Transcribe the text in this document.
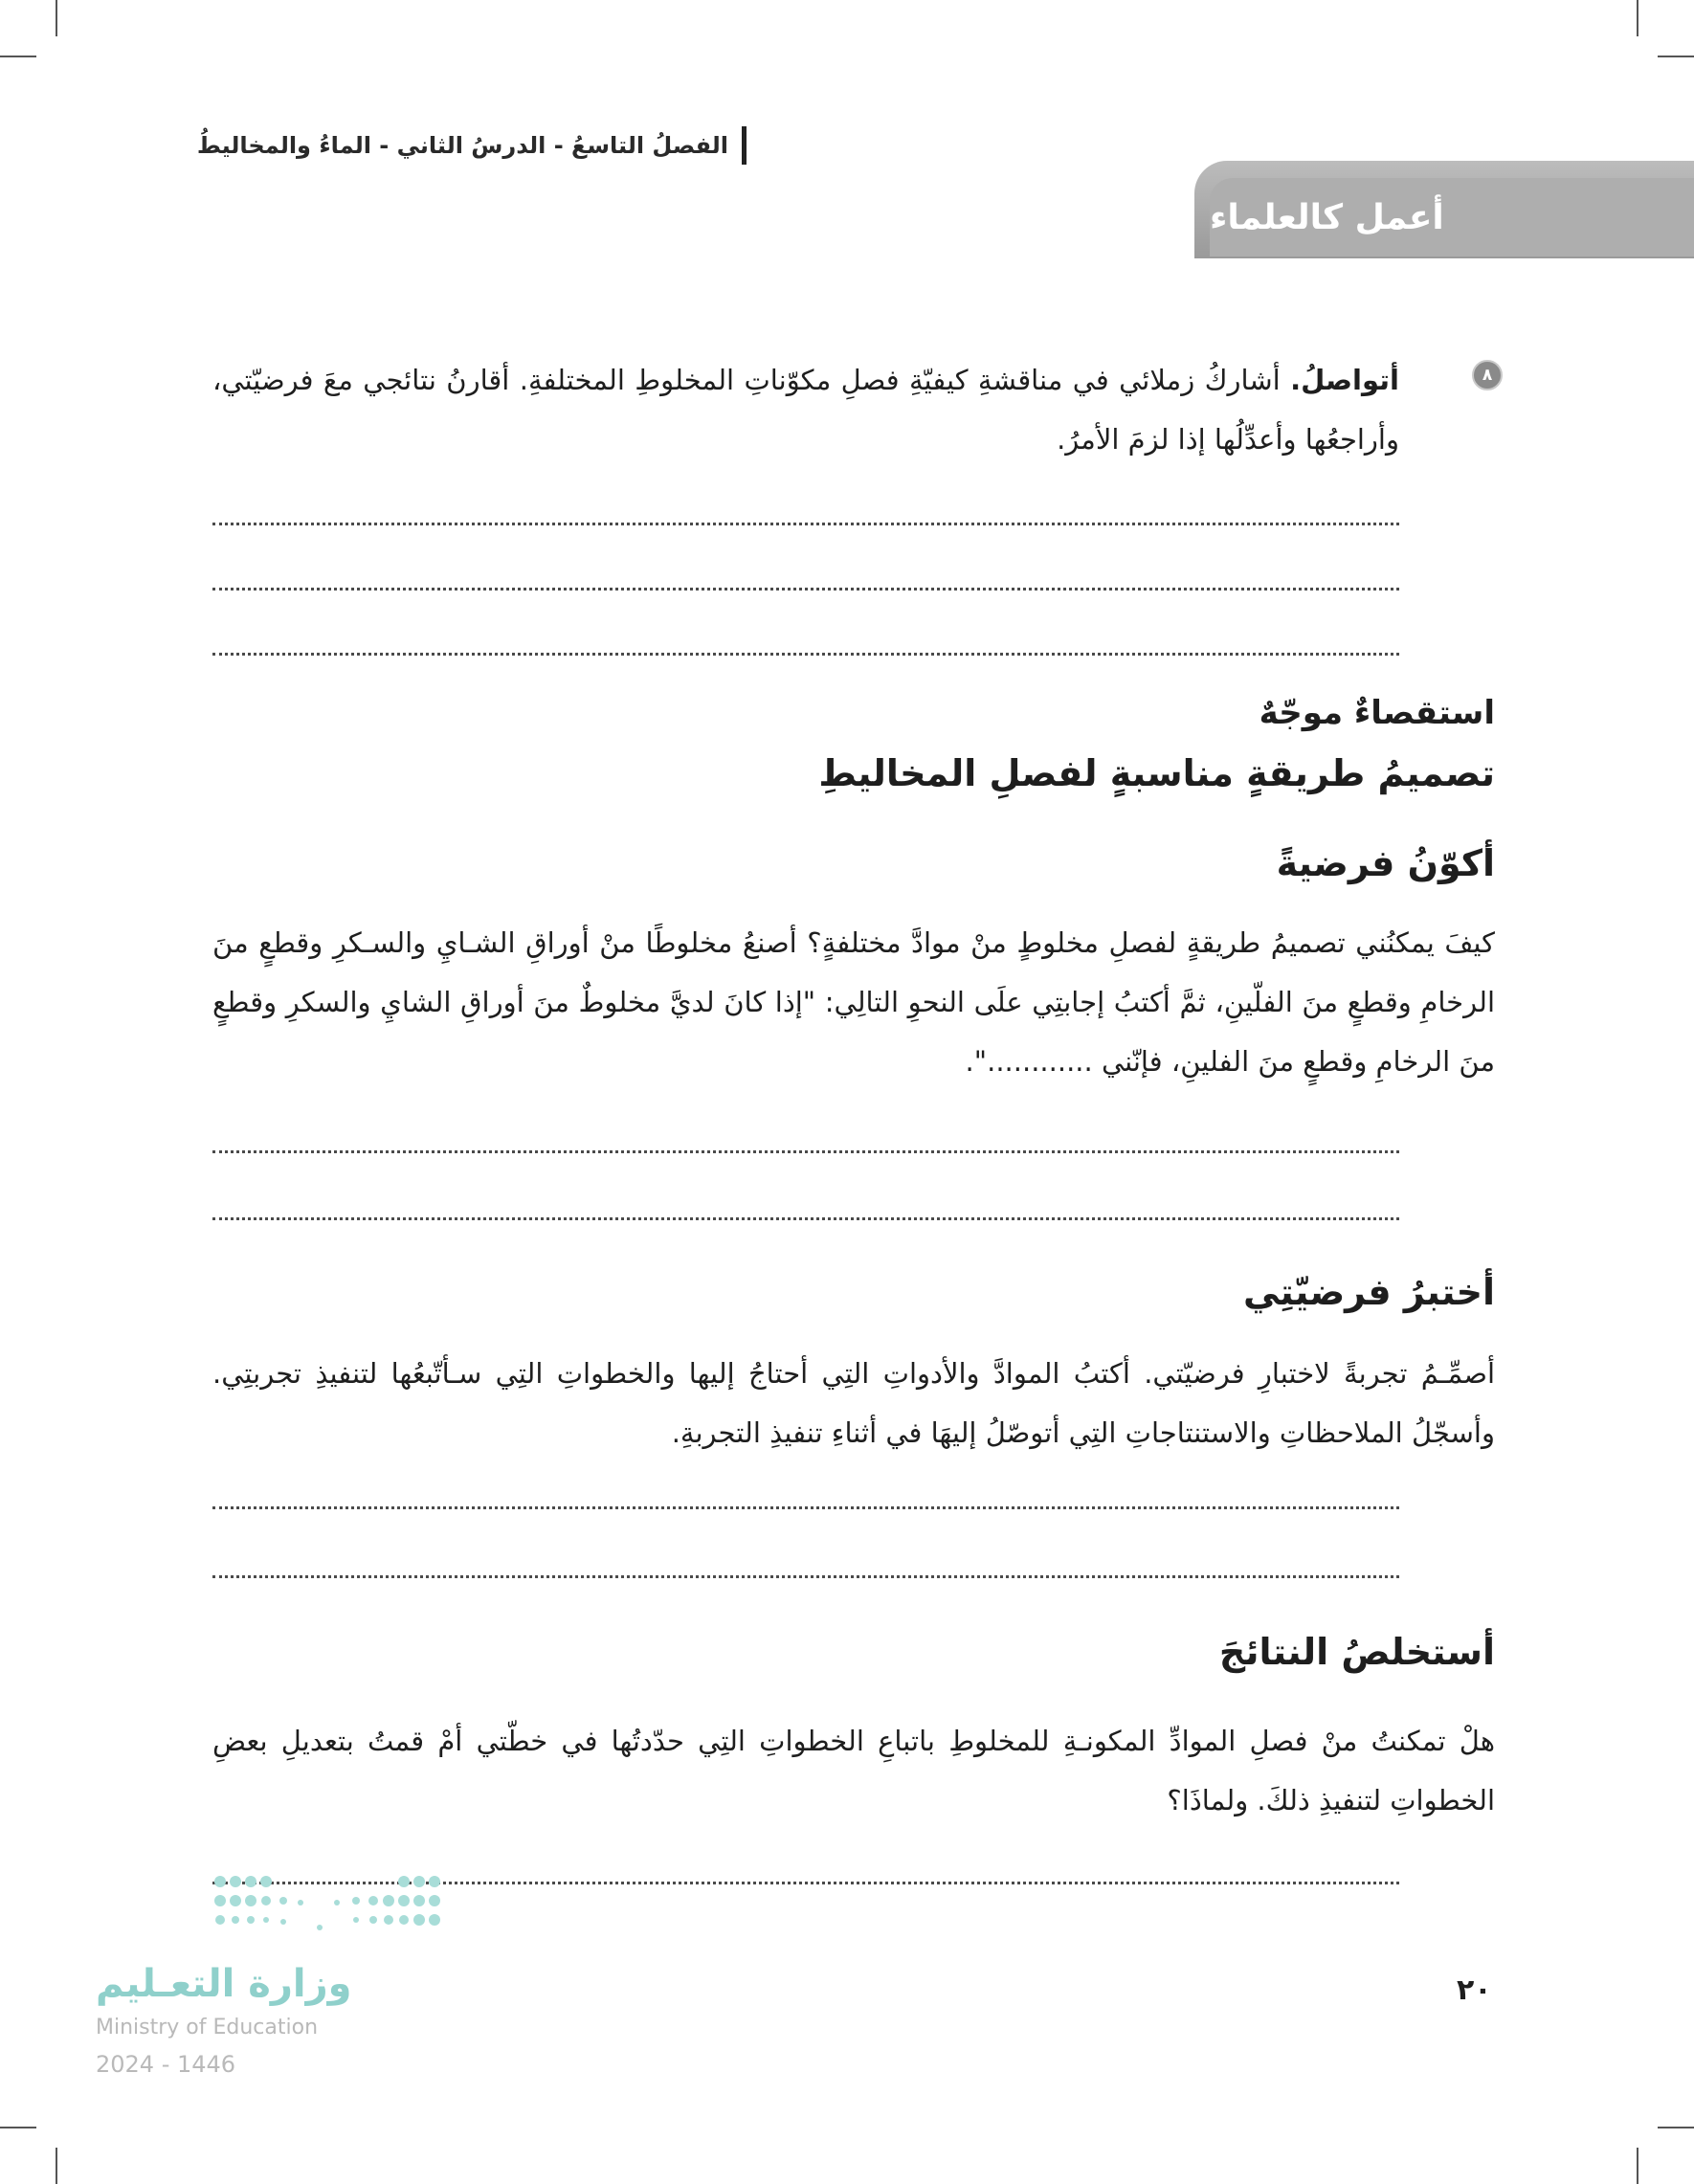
الفصلُ التاسعُ - الدرسُ الثاني - الماءُ والمخاليطُ
أعمل كالعلماء
٨
أتواصلُ. أشاركُ زملائي في مناقشةِ كيفيّةِ فصلِ مكوّناتِ المخلوطِ المختلفةِ. أقارنُ نتائجي معَ فرضيّتي، وأراجعُها وأعدِّلُها إذا لزمَ الأمرُ.
استقصاءٌ موجّهٌ
تصميمُ طريقةٍ مناسبةٍ لفصلِ المخاليطِ
أكوّنُ فرضيةً
كيفَ يمكنُني تصميمُ طريقةٍ لفصلِ مخلوطٍ منْ موادَّ مختلفةٍ؟ أصنعُ مخلوطًا منْ أوراقِ الشـايِ والسـكرِ وقطعٍ منَ الرخامِ وقطعٍ منَ الفلّينِ، ثمَّ أكتبُ إجابتِي علَى النحوِ التالِي: "إذا كانَ لديَّ مخلوطٌ منَ أوراقِ الشايِ والسكرِ وقطعٍ منَ الرخامِ وقطعٍ منَ الفلينِ، فإنّني ............".
أختبرُ فرضيّتِي
أصمِّـمُ تجربةً لاختبارِ فرضيّتي. أكتبُ الموادَّ والأدواتِ التِي أحتاجُ إليها والخطواتِ التِي سـأتّبعُها لتنفيذِ تجربتِي. وأسجّلُ الملاحظاتِ والاستنتاجاتِ التِي أتوصّلُ إليهَا في أثناءِ تنفيذِ التجربةِ.
أستخلصُ النتائجَ
هلْ تمكنتُ منْ فصلِ الموادِّ المكونـةِ للمخلوطِ باتباعِ الخطواتِ التِي حدّدتُها في خطّتي أمْ قمتُ بتعديلِ بعضِ الخطواتِ لتنفيذِ ذلكَ. ولماذَا؟
وزارة التعـليم
Ministry of Education
2024 - 1446
٢٠
